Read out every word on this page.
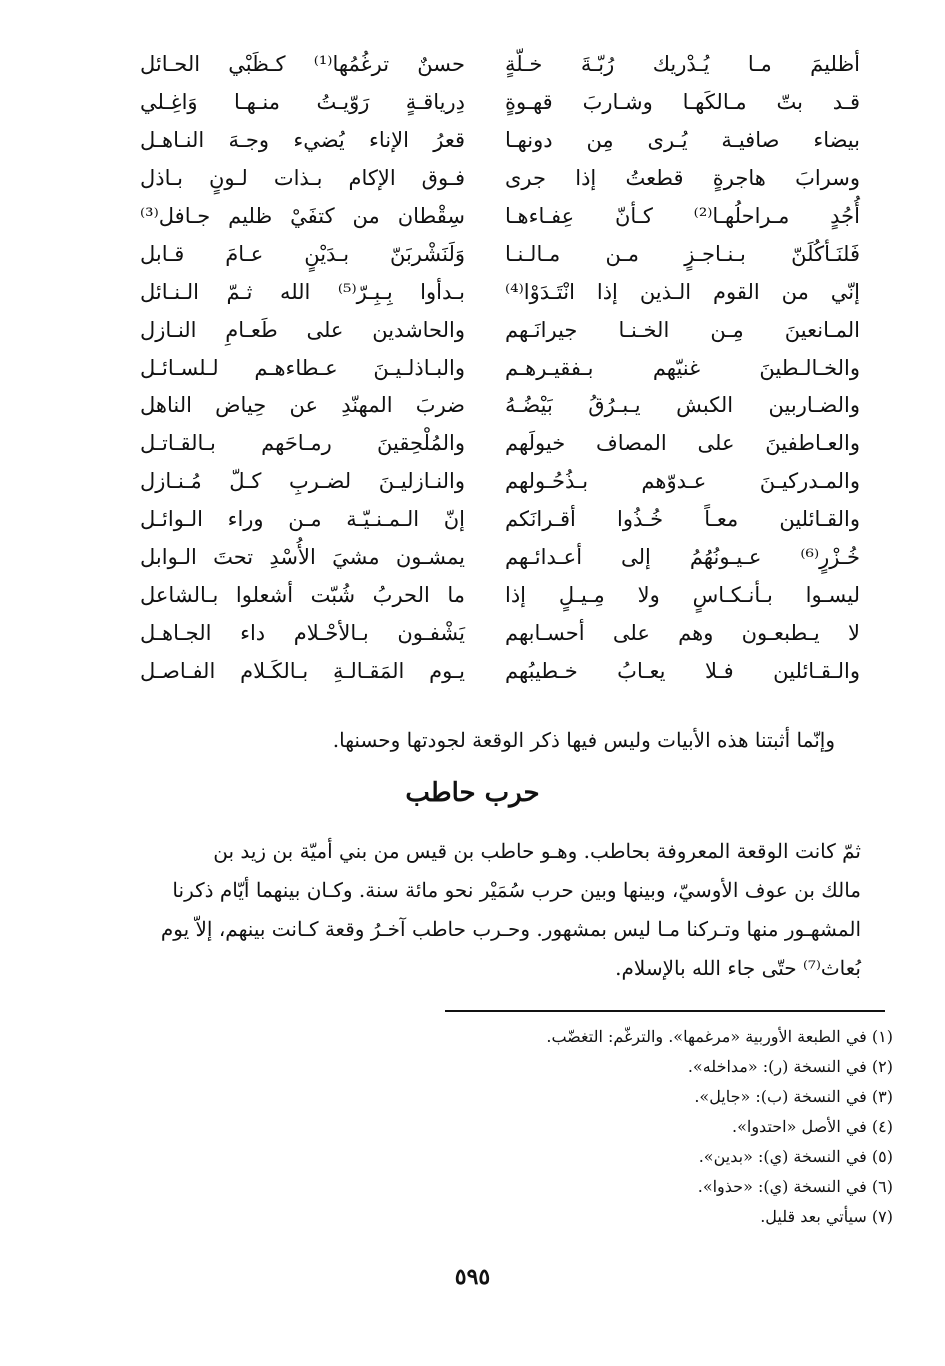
أظليمَ مـا يُـدْريك رُبّـةَ خـلّةٍ
حسنٌ ترغُمُها⁽¹⁾ كـظَبْي الحـائل
قـد بتّ مـالكَهـا وشـاربَ قهـوةٍ
دِرياقـةٍ رَوّيـتُ منـهـا وَاغِـلي
بيضاء صافيـة يُـرى مِن دونهـا
قعرُ الإناء يُضيء وجـهَ النـاهـل
وسرابَ هاجرةٍ قطعتُ إذا جرى
فـوق الإكام بـذات لـونٍ بـاذل
أُجُدٍ مـراحلُهـا⁽²⁾ كـأنّ عِفـاءهـا
سِقْطان من كتفَيْ ظليم جـافل⁽³⁾
فَلنَـأكُلَنّ بـنـاجـزٍ مـن مـالـنـا
وَلَنَشْربَنّ بـدَيْنٍ عـامَ قـابل
إنّي من القوم الـذين إذا انْتَـدَوْا⁽⁴⁾
بـدأوا بِـبِـرّ⁽⁵⁾ الله ثـمّ الـنـائل
المـانعينَ مِـن الخـنـا جيرانَـهم
والحاشدين على طَعـامِ النـازل
والخـالـطينَ غنيّهم بـفقيـرهـم
والبـاذلـيـنَ عـطاءهـم لـلسـائـل
والضـاربين الكبش يـبـرُقُ بَيْضُـهُ
ضربَ المهنّدِ عن حِياض الناهل
والعـاطفينَ على المصاف خيولَهم
والمُلْحِقينَ رمـاحَهم بـالقـاتـل
والمـدركيـنَ عـدوّهم بـذُحُـولهم
والنـازليـنَ لضـربِ كـلّ مُـنـازل
والقـائلين معـاً خُـذُوا أقـرانَكم
إنّ الـمـنـيّـة مـن وراء الـوائـل
خُـزْرٍ⁽⁶⁾ عـيـونُهُمُ إلى أعـدائـهم
يمشـون مشيَ الأُسْدِ تحتَ الـوابل
ليسـوا بـأنـكـاسٍ ولا مِـيـلٍ إذا
ما الحربُ شُبّت أشعلوا بـالشاعل
لا يـطبعـون وهم على أحسـابهم
يَشْفـون بـالأحْـلام داء الجـاهـل
والـقـائلين فـلا يعـابُ خـطيبُهم
يـوم المَقـالـةِ بـالكَـلام الفـاصـل
وإنّما أثبتنا هذه الأبيات وليس فيها ذكر الوقعة لجودتها وحسنها.
حرب حاطب

ثمّ كانت الوقعة المعروفة بحاطب. وهـو حاطب بن قيس من بني أميّة بن زيد بن

مالك بن عوف الأوسيّ، وبينها وبين حرب سُمَيْر نحو مائة سنة. وكـان بينهما أيّام ذكرنا

المشهـور منها وتـركنا مـا ليس بمشهور. وحـرب حاطب آخـرُ وقعة كـانت بينهم، إلاّ يوم

بُعاث⁽⁷⁾ حتّى جاء الله بالإسلام.

(١) في الطبعة الأوربية «مرغمها». والترغّم: التغضّب.
(٢) في النسخة (ر): «مداخله».
(٣) في النسخة (ب): «جايل».
(٤) في الأصل «احتدوا».
(٥) في النسخة (ي): «بدين».
(٦) في النسخة (ي): «حذوا».
(٧) سيأتي بعد قليل.
٥٩٥
